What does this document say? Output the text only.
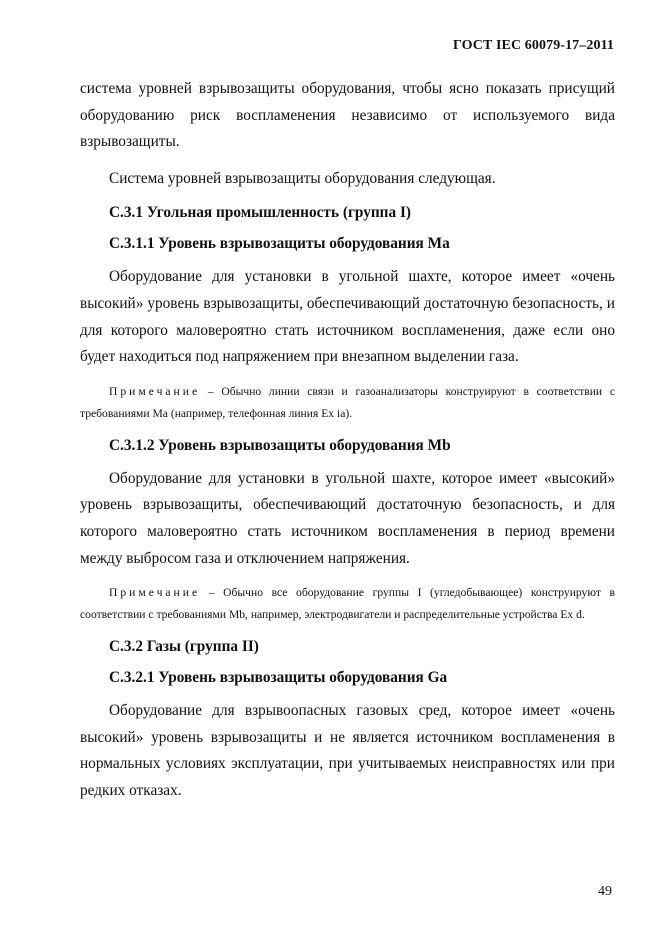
ГОСТ IEC 60079-17–2011

система уровней взрывозащиты оборудования, чтобы ясно показать присущий оборудованию риск воспламенения независимо от используемого вида взрывозащиты.

Система уровней взрывозащиты оборудования следующая.

С.3.1 Угольная промышленность (группа I)

С.3.1.1 Уровень взрывозащиты оборудования Ma

Оборудование для установки в угольной шахте, которое имеет «очень высокий» уровень взрывозащиты, обеспечивающий достаточную безопасность, и для которого маловероятно стать источником воспламенения, даже если оно будет находиться под напряжением при внезапном выделении газа.

Примечание – Обычно линии связи и газоанализаторы конструируют в соответствии с требованиями Ma (например, телефонная линия Ex ia).

С.3.1.2 Уровень взрывозащиты оборудования Mb

Оборудование для установки в угольной шахте, которое имеет «высокий» уровень взрывозащиты, обеспечивающий достаточную безопасность, и для которого маловероятно стать источником воспламенения в период времени между выбросом газа и отключением напряжения.

Примечание – Обычно все оборудование группы I (угледобывающее) конструируют в соответствии с требованиями Mb, например, электродвигатели и распределительные устройства Ex d.

С.3.2 Газы (группа II)

С.3.2.1 Уровень взрывозащиты оборудования Ga

Оборудование для взрывоопасных газовых сред, которое имеет «очень высокий» уровень взрывозащиты и не является источником воспламенения в нормальных условиях эксплуатации, при учитываемых неисправностях или при редких отказах.

49
